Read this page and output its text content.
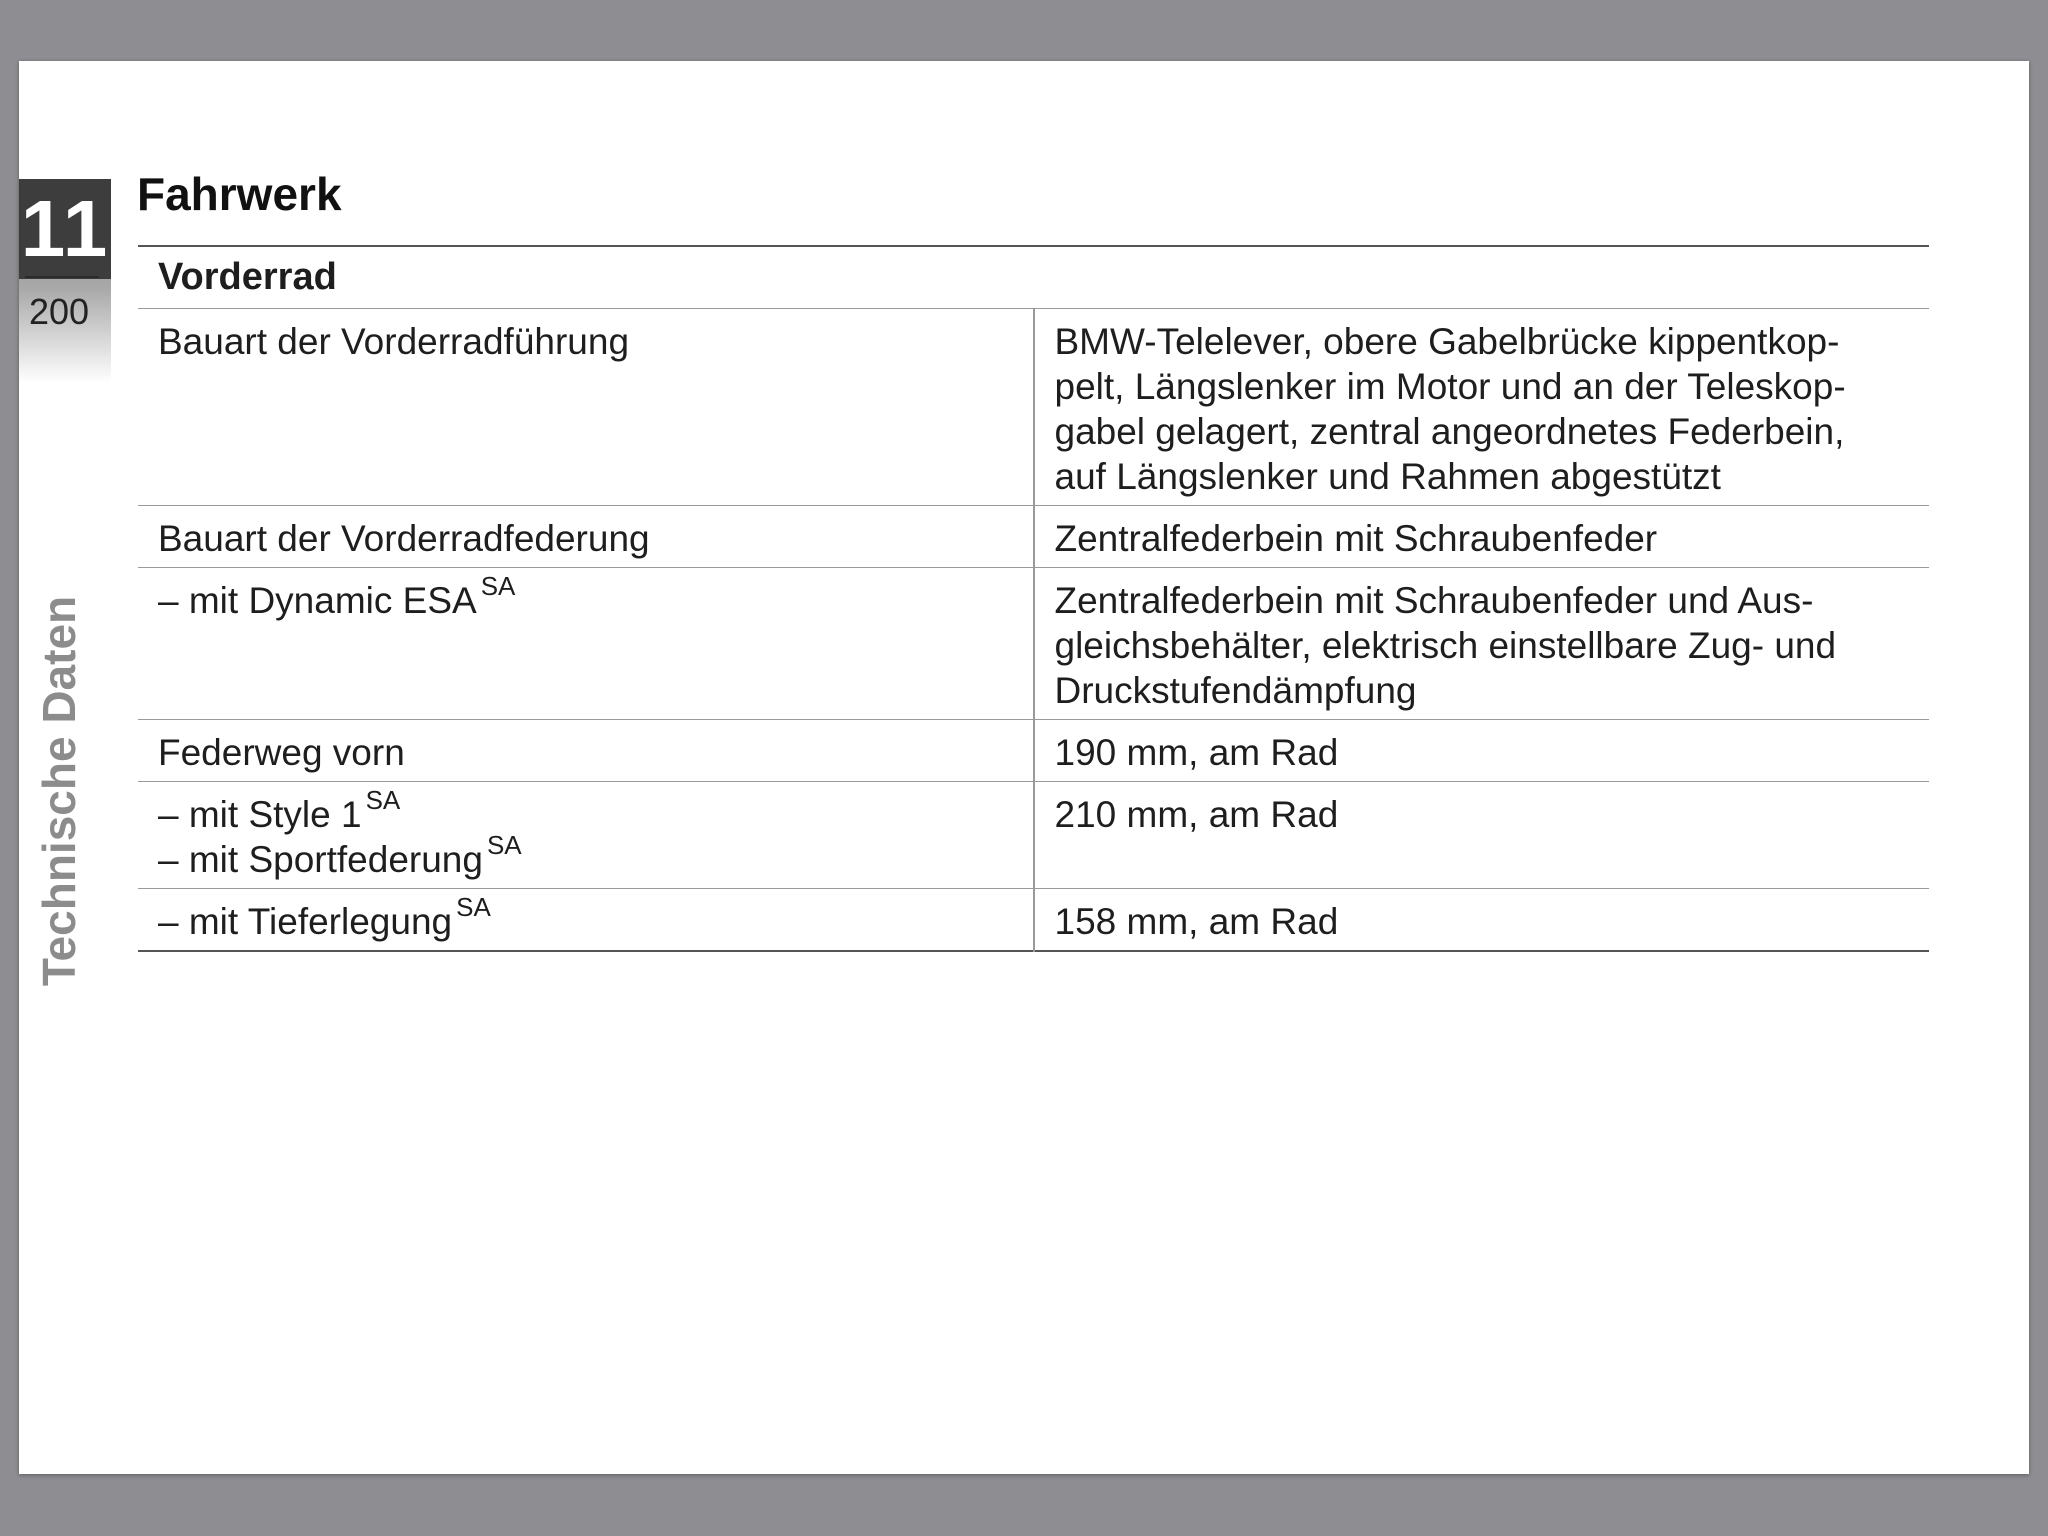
11
200
Technische Daten
Fahrwerk
Vorderrad	
Bauart der Vorderradführung	BMW-Telelever, obere Gabelbrücke kippentkop-
pelt, Längslenker im Motor und an der Teleskop-
gabel gelagert, zentral angeordnetes Federbein,
auf Längslenker und Rahmen abgestützt

Bauart der Vorderradfederung	Zentralfederbein mit Schraubenfeder

– mit Dynamic ESA $^{SA}$	Zentralfederbein mit Schraubenfeder und Aus-
gleichsbehälter, elektrisch einstellbare Zug- und
Druckstufendämpfung

Federweg vorn	190 mm, am Rad

– mit Style 1 $^{SA}$
– mit Sportfederung $^{SA}$	210 mm, am Rad

– mit Tieferlegung $^{SA}$	158 mm, am Rad
